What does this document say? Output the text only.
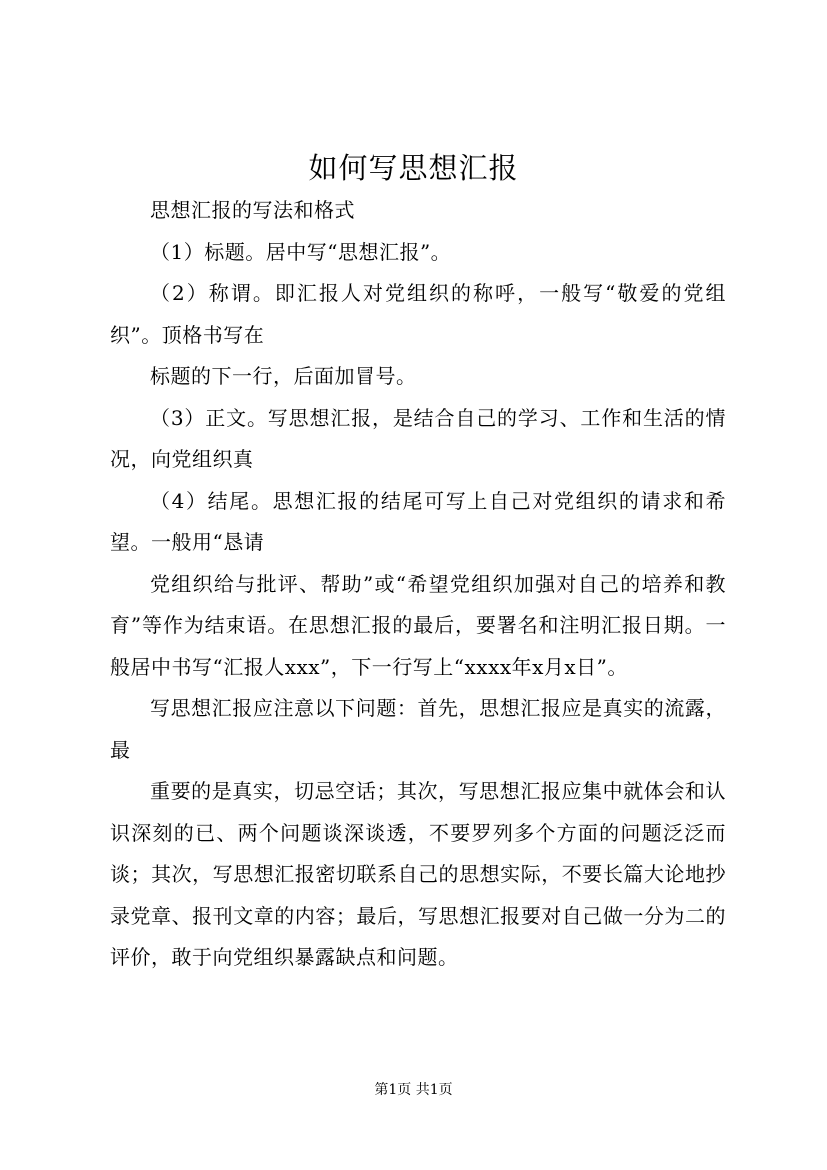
如何写思想汇报

思想汇报的写法和格式

（1）标题。居中写“思想汇报”。

（2）称谓。即汇报人对党组织的称呼，一般写“敬爱的党组织”。顶格书写在

标题的下一行，后面加冒号。

（3）正文。写思想汇报，是结合自己的学习、工作和生活的情况，向党组织真

（4）结尾。思想汇报的结尾可写上自己对党组织的请求和希望。一般用“恳请

党组织给与批评、帮助”或“希望党组织加强对自己的培养和教育”等作为结束语。在思想汇报的最后，要署名和注明汇报日期。一般居中书写“汇报人xxx”，下一行写上“xxxx年x月x日”。

写思想汇报应注意以下问题：首先，思想汇报应是真实的流露，最

重要的是真实，切忌空话；其次，写思想汇报应集中就体会和认识深刻的已、两个问题谈深谈透，不要罗列多个方面的问题泛泛而谈；其次，写思想汇报密切联系自己的思想实际，不要长篇大论地抄录党章、报刊文章的内容；最后，写思想汇报要对自己做一分为二的评价，敢于向党组织暴露缺点和问题。

第1页 共1页
